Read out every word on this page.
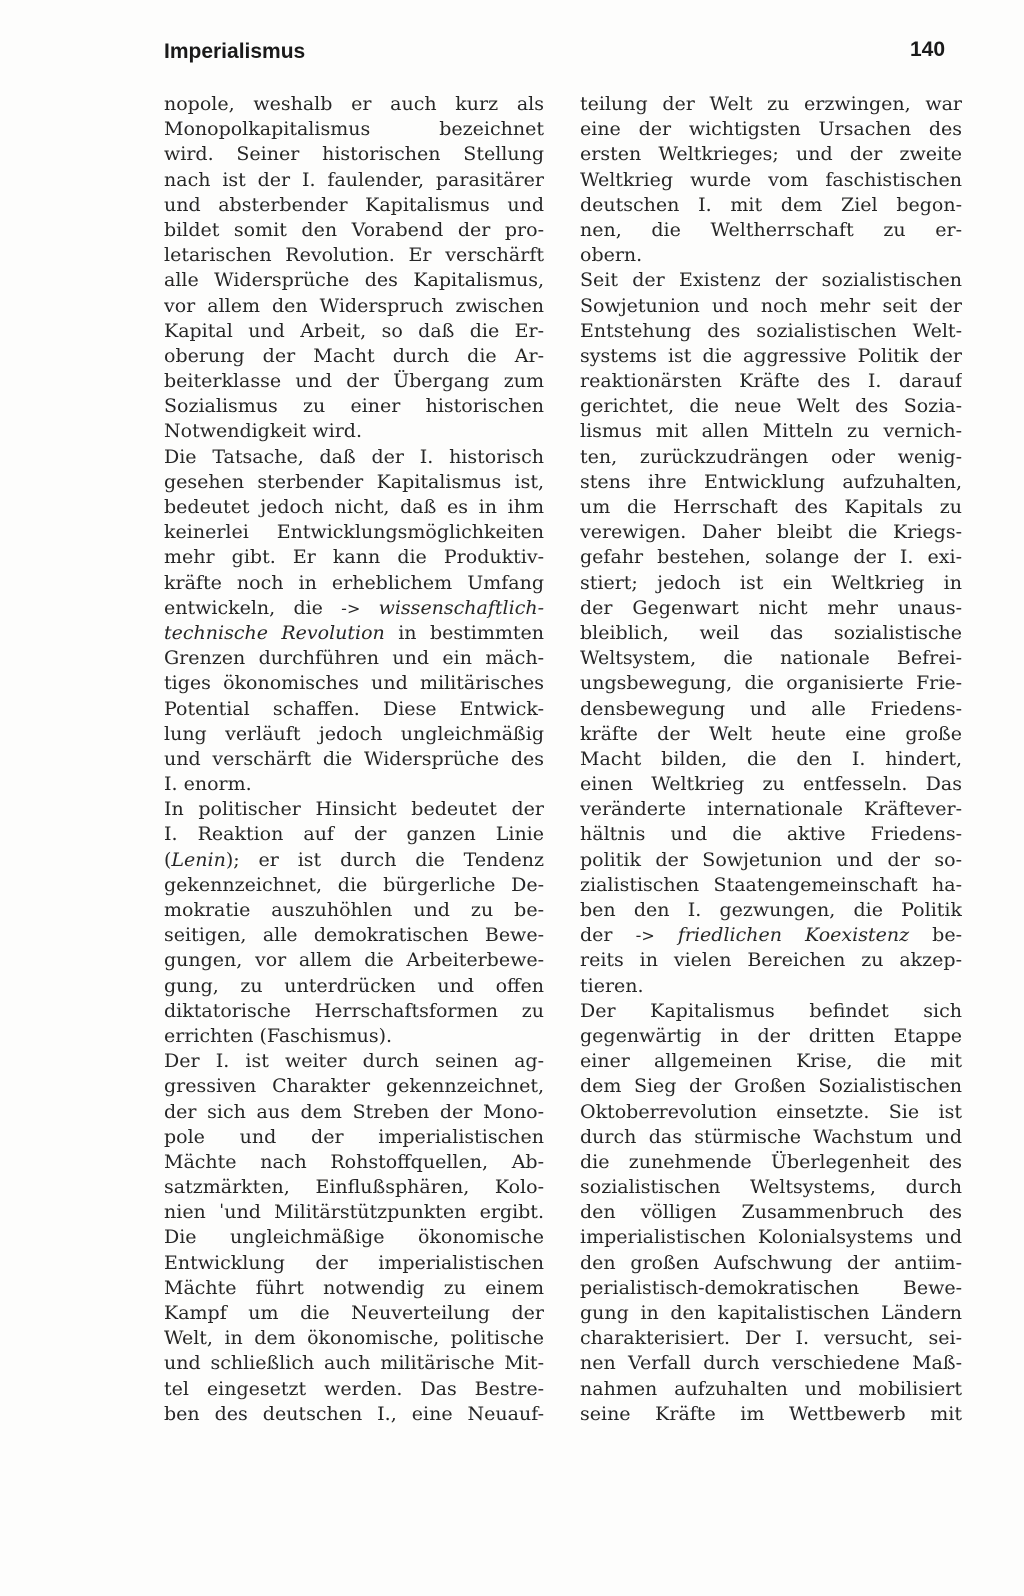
Imperialismus	140
nopole, weshalb er auch kurz als
Monopolkapitalismus bezeichnet
wird. Seiner historischen Stellung
nach ist der I. faulender, parasitärer
und absterbender Kapitalismus und
bildet somit den Vorabend der pro-
letarischen Revolution. Er verschärft
alle Widersprüche des Kapitalismus,
vor allem den Widerspruch zwischen
Kapital und Arbeit, so daß die Er-
oberung der Macht durch die Ar-
beiterklasse und der Übergang zum
Sozialismus zu einer historischen
Notwendigkeit wird.
Die Tatsache, daß der I. historisch
gesehen sterbender Kapitalismus ist,
bedeutet jedoch nicht, daß es in ihm
keinerlei Entwicklungsmöglichkeiten
mehr gibt. Er kann die Produktiv-
kräfte noch in erheblichem Umfang
entwickeln, die -> wissenschaftlich-
technische Revolution in bestimmten
Grenzen durchführen und ein mäch-
tiges ökonomisches und militärisches
Potential schaffen. Diese Entwick-
lung verläuft jedoch ungleichmäßig
und verschärft die Widersprüche des
I. enorm.
In politischer Hinsicht bedeutet der
I. Reaktion auf der ganzen Linie
(Lenin); er ist durch die Tendenz
gekennzeichnet, die bürgerliche De-
mokratie auszuhöhlen und zu be-
seitigen, alle demokratischen Bewe-
gungen, vor allem die Arbeiterbewe-
gung, zu unterdrücken und offen
diktatorische Herrschaftsformen zu
errichten (Faschismus).
Der I. ist weiter durch seinen ag-
gressiven Charakter gekennzeichnet,
der sich aus dem Streben der Mono-
pole und der imperialistischen
Mächte nach Rohstoffquellen, Ab-
satzmärkten, Einflußsphären, Kolo-
nien ˈund Militärstützpunkten ergibt.
Die ungleichmäßige ökonomische
Entwicklung der imperialistischen
Mächte führt notwendig zu einem
Kampf um die Neuverteilung der
Welt, in dem ökonomische, politische
und schließlich auch militärische Mit-
tel eingesetzt werden. Das Bestre-
ben des deutschen I., eine Neuauf-
teilung der Welt zu erzwingen, war
eine der wichtigsten Ursachen des
ersten Weltkrieges; und der zweite
Weltkrieg wurde vom faschistischen
deutschen I. mit dem Ziel begon-
nen, die Weltherrschaft zu er-
obern.
Seit der Existenz der sozialistischen
Sowjetunion und noch mehr seit der
Entstehung des sozialistischen Welt-
systems ist die aggressive Politik der
reaktionärsten Kräfte des I. darauf
gerichtet, die neue Welt des Sozia-
lismus mit allen Mitteln zu vernich-
ten, zurückzudrängen oder wenig-
stens ihre Entwicklung aufzuhalten,
um die Herrschaft des Kapitals zu
verewigen. Daher bleibt die Kriegs-
gefahr bestehen, solange der I. exi-
stiert; jedoch ist ein Weltkrieg in
der Gegenwart nicht mehr unaus-
bleiblich, weil das sozialistische
Weltsystem, die nationale Befrei-
ungsbewegung, die organisierte Frie-
densbewegung und alle Friedens-
kräfte der Welt heute eine große
Macht bilden, die den I. hindert,
einen Weltkrieg zu entfesseln. Das
veränderte internationale Kräftever-
hältnis und die aktive Friedens-
politik der Sowjetunion und der so-
zialistischen Staatengemeinschaft ha-
ben den I. gezwungen, die Politik
der -> friedlichen Koexistenz be-
reits in vielen Bereichen zu akzep-
tieren.
Der Kapitalismus befindet sich
gegenwärtig in der dritten Etappe
einer allgemeinen Krise, die mit
dem Sieg der Großen Sozialistischen
Oktoberrevolution einsetzte. Sie ist
durch das stürmische Wachstum und
die zunehmende Überlegenheit des
sozialistischen Weltsystems, durch
den völligen Zusammenbruch des
imperialistischen Kolonialsystems und
den großen Aufschwung der antiim-
perialistisch-demokratischen Bewe-
gung in den kapitalistischen Ländern
charakterisiert. Der I. versucht, sei-
nen Verfall durch verschiedene Maß-
nahmen aufzuhalten und mobilisiert
seine Kräfte im Wettbewerb mit
